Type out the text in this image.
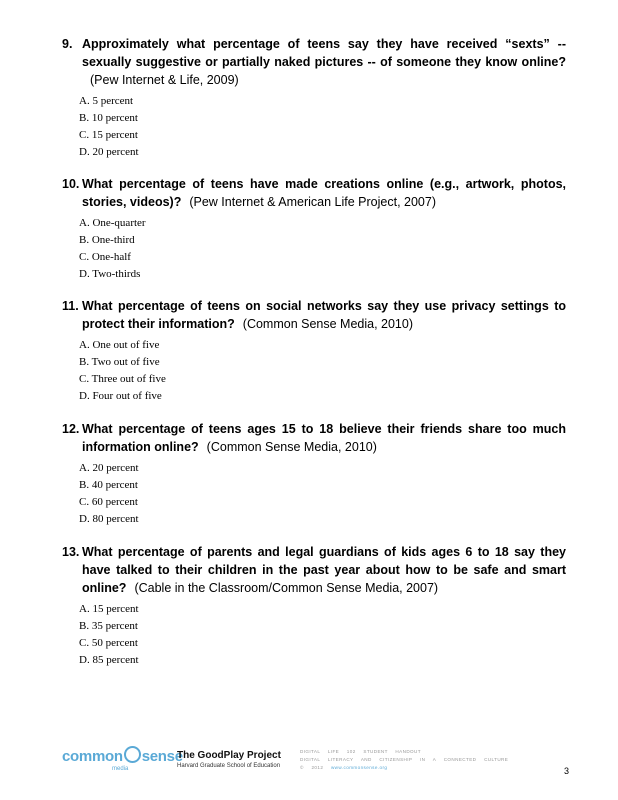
9. Approximately what percentage of teens say they have received “sexts” -- sexually suggestive or partially naked pictures -- of someone they know online?(Pew Internet & Life, 2009)
A. 5 percent
B. 10 percent
C. 15 percent
D. 20 percent
10. What percentage of teens have made creations online (e.g., artwork, photos, stories, videos)? (Pew Internet & American Life Project, 2007)
A. One-quarter
B. One-third
C. One-half
D. Two-thirds
11. What percentage of teens on social networks say they use privacy settings to protect their information? (Common Sense Media, 2010)
A. One out of five
B. Two out of five
C. Three out of five
D. Four out of five
12. What percentage of teens ages 15 to 18 believe their friends share too much information online? (Common Sense Media, 2010)
A. 20 percent
B. 40 percent
C. 60 percent
D. 80 percent
13. What percentage of parents and legal guardians of kids ages 6 to 18 say they have talked to their children in the past year about how to be safe and smart online? (Cable in the Classroom/Common Sense Media, 2007)
A. 15 percent
B. 35 percent
C. 50 percent
D. 85 percent
common sense
media
The GoodPlay Project
Harvard Graduate School of Education
DIGITAL LIFE 102 STUDENT HANDOUT
DIGITAL LITERACY AND CITIZENSHIP IN A CONNECTED CULTURE
© 2012 www.commonsense.org	3
